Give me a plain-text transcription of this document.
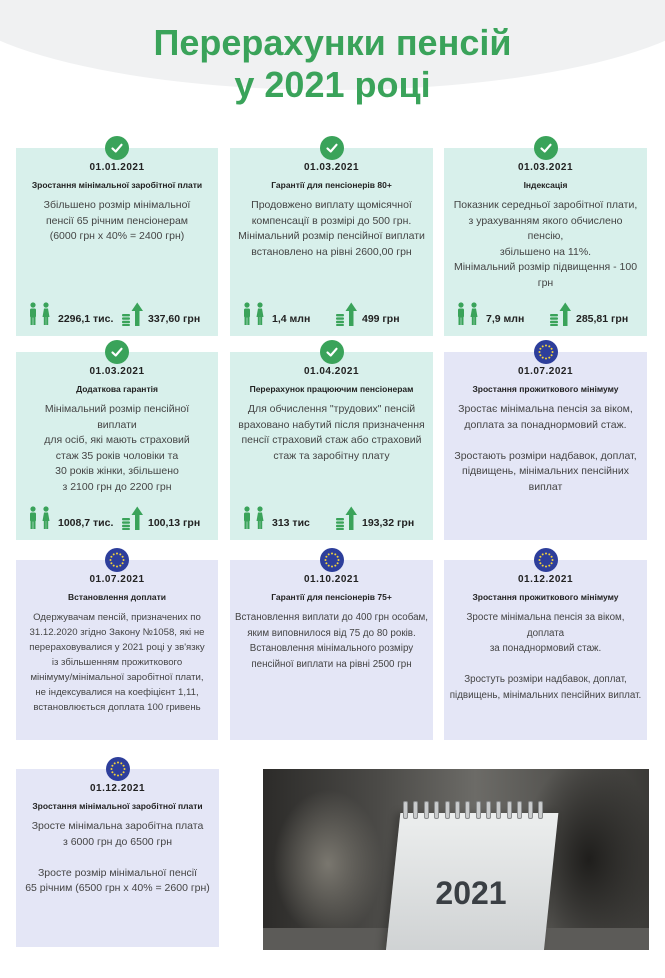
Перерахунки пенсій
у 2021 році
01.01.2021
Зростання мінімальної заробітної плати
Збільшено розмір мінімальної
пенсії 65 річним пенсіонерам
(6000 грн х 40% = 2400 грн)
2296,1 тис.	337,60 грн
01.03.2021
Гарантії для пенсіонерів 80+
Продовжено виплату щомісячної
компенсації в розмірі до 500 грн.
Мінімальний розмір пенсійної виплати
встановлено на рівні 2600,00 грн
1,4 млн	499 грн
01.03.2021
Індексація
Показник середньої заробітної плати,
з урахуванням якого обчислено пенсію,
збільшено на 11%.
Мінімальний розмір підвищення - 100 грн
7,9 млн	285,81 грн
01.03.2021
Додаткова гарантія
Мінімальний розмір пенсійної виплати
для осіб, які мають страховий
стаж 35 років чоловіки та
30 років жінки, збільшено
з 2100 грн до 2200 грн
1008,7 тис.	100,13 грн
01.04.2021
Перерахунок працюючим пенсіонерам
Для обчислення "трудових" пенсій
враховано набутий після призначення
пенсії страховий стаж або страховий
стаж та заробітну плату
313 тис	193,32 грн
01.07.2021
Зростання прожиткового мінімуму
Зростає мінімальна пенсія за віком,
доплата за понаднормовий стаж.

Зростають розміри надбавок, доплат,
підвищень, мінімальних пенсійних виплат
01.07.2021
Встановлення доплати
Одержувачам пенсій, призначених по
31.12.2020 згідно Закону №1058, які не
перераховувалися у 2021 році у зв'язку
із збільшенням прожиткового
мінімуму/мінімальної заробітної плати,
не індексувалися на коефіцієнт 1,11,
встановлюється доплата 100 гривень
01.10.2021
Гарантії для пенсіонерів 75+
Встановлення виплати до 400 грн особам,
яким виповнилося від 75 до 80 років.
Встановлення мінімального розміру
пенсійної виплати на рівні 2500 грн
01.12.2021
Зростання прожиткового мінімуму
Зросте мінімальна пенсія за віком, доплата
за понаднормовий стаж.

Зростуть розміри надбавок, доплат,
підвищень, мінімальних пенсійних виплат.
01.12.2021
Зростання мінімальної заробітної плати
Зросте мінімальна заробітна плата
з 6000 грн до 6500 грн

Зросте розмір мінімальної пенсії
65 річним (6500 грн х 40% = 2600 грн)	2021
